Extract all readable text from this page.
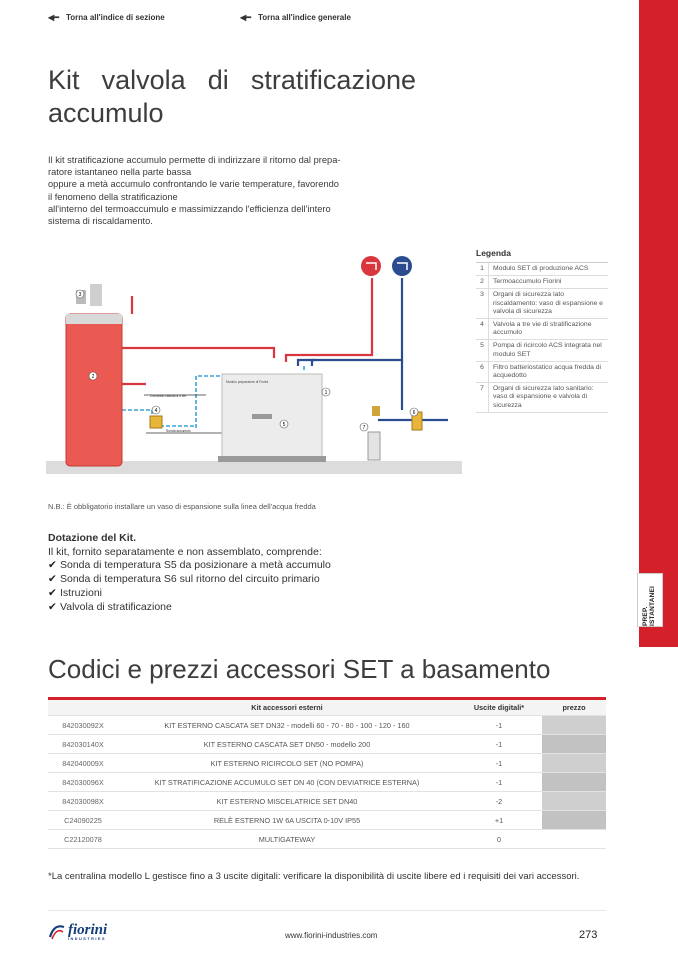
◀━ Torna all'indice di sezione	◀━ Torna all'indice generale
PREP. ISTANTANEI
Kit valvola di stratificazione accumulo

Il kit stratificazione accumulo permette di indirizzare il ritorno dal prepa-

ratore istantaneo nella parte bassa

oppure a metà accumulo confrontando le varie temperature, favorendo

il fenomeno della stratificazione

all'interno del termoaccumulo e massimizzando l'efficienza dell'intero

sistema di riscaldamento.

Modulo preparatore di Fiorini
Comando valvola a 3 vie
Sonda accumulo
1
2
3
4
5
6
7
Legenda
1	Modulo SET di produzione ACS
2	Termoaccumulo Fiorini
3	Organi di sicurezza lato riscaldamento: vaso di espansione e valvola di sicurezza
4	Valvola a tre vie di stratificazione accumulo
5	Pompa di ricircolo ACS integrata nel modulo SET
6	Filtro batteriostatico acqua fredda di acquedotto
7	Organi di sicurezza lato sanitario: vaso di espansione e valvola di sicurezza
N.B.: È obbligatorio installare un vaso di espansione sulla linea dell'acqua fredda
Dotazione del Kit.
Il kit, fornito separatamente e non assemblato, comprende:
✔ Sonda di temperatura S5 da posizionare a metà accumulo
✔ Sonda di temperatura S6 sul ritorno del circuito primario
✔ Istruzioni
✔ Valvola di stratificazione
Codici e prezzi accessori SET a basamento
Kit accessori esterni	Uscite digitali*	prezzo
842030092X	KIT ESTERNO CASCATA SET DN32 - modelli 60 - 70 - 80 - 100 - 120 - 160	-1
842030140X	KIT ESTERNO CASCATA SET DN50 - modello 200	-1
842040009X	KIT ESTERNO RICIRCOLO SET (NO POMPA)	-1
842030096X	KIT STRATIFICAZIONE ACCUMULO SET DN 40 (CON DEVIATRICE ESTERNA)	-1
842030098X	KIT ESTERNO MISCELATRICE SET DN40	-2
C24090225	RELÈ ESTERNO 1W 6A USCITA 0-10V IP55	+1
C22120078	MULTIGATEWAY	0

*La centralina modello L gestisce fino a 3 uscite digitali: verificare la disponibilità di uscite libere ed i requisiti dei vari accessori.

fiorini
INDUSTRIES	www.fiorini-industries.com	273
